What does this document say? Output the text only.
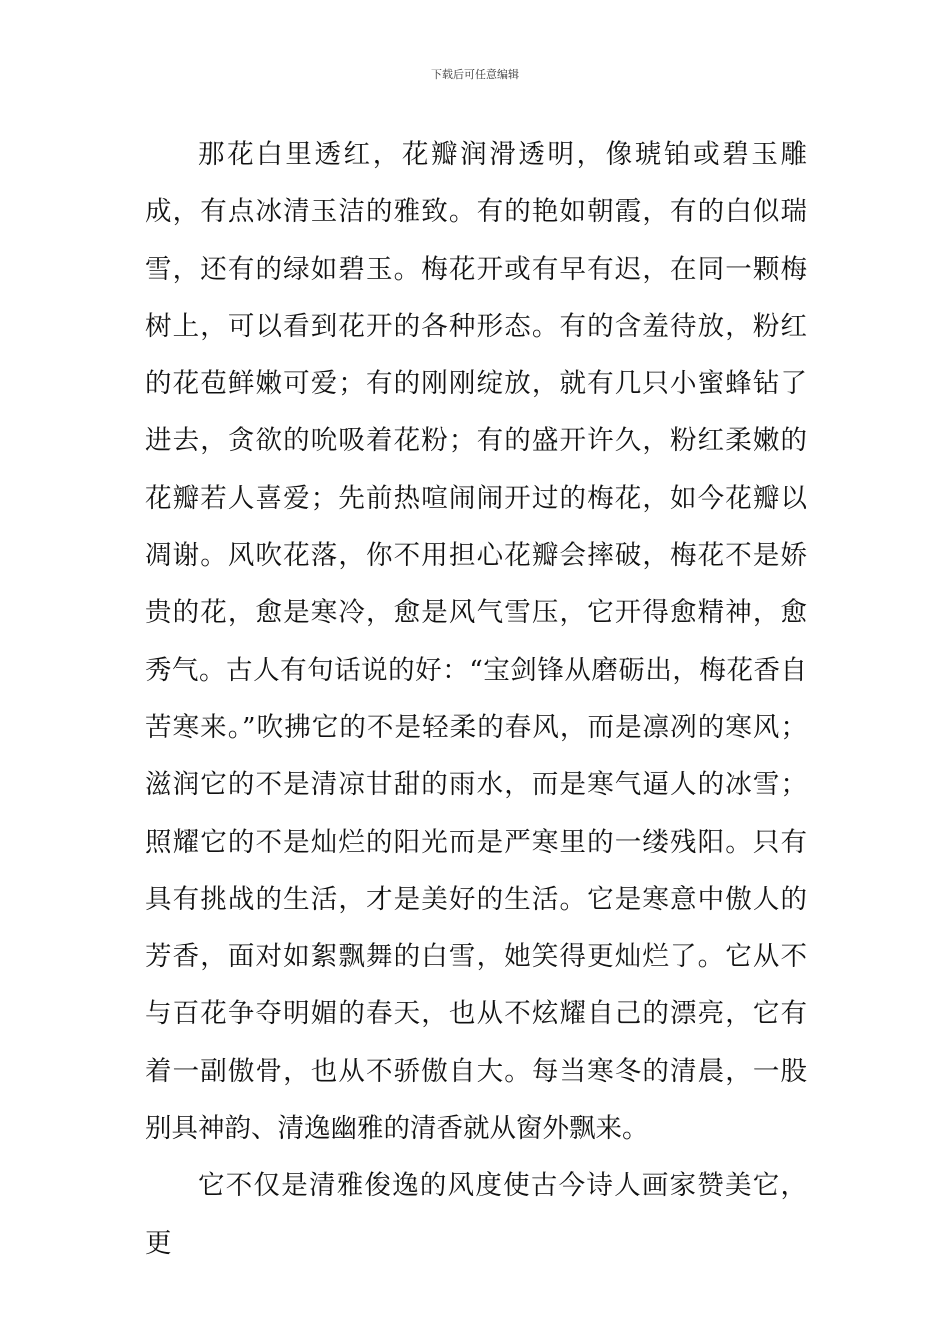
下载后可任意编辑

那花白里透红，花瓣润滑透明，像琥铂或碧玉雕成，有点冰清玉洁的雅致。有的艳如朝霞，有的白似瑞雪，还有的绿如碧玉。梅花开或有早有迟，在同一颗梅树上，可以看到花开的各种形态。有的含羞待放，粉红的花苞鲜嫩可爱；有的刚刚绽放，就有几只小蜜蜂钻了进去，贪欲的吮吸着花粉；有的盛开许久，粉红柔嫩的花瓣若人喜爱；先前热喧闹闹开过的梅花，如今花瓣以凋谢。风吹花落，你不用担心花瓣会摔破，梅花不是娇贵的花，愈是寒冷，愈是风气雪压，它开得愈精神，愈秀气。古人有句话说的好：“宝剑锋从磨砺出，梅花香自苦寒来。”吹拂它的不是轻柔的春风，而是凛冽的寒风；滋润它的不是清凉甘甜的雨水，而是寒气逼人的冰雪；照耀它的不是灿烂的阳光而是严寒里的一缕残阳。只有具有挑战的生活，才是美好的生活。它是寒意中傲人的芳香，面对如絮飘舞的白雪，她笑得更灿烂了。它从不与百花争夺明媚的春天，也从不炫耀自己的漂亮，它有着一副傲骨，也从不骄傲自大。每当寒冬的清晨，一股别具神韵、清逸幽雅的清香就从窗外飘来。

它不仅是清雅俊逸的风度使古今诗人画家赞美它，更
